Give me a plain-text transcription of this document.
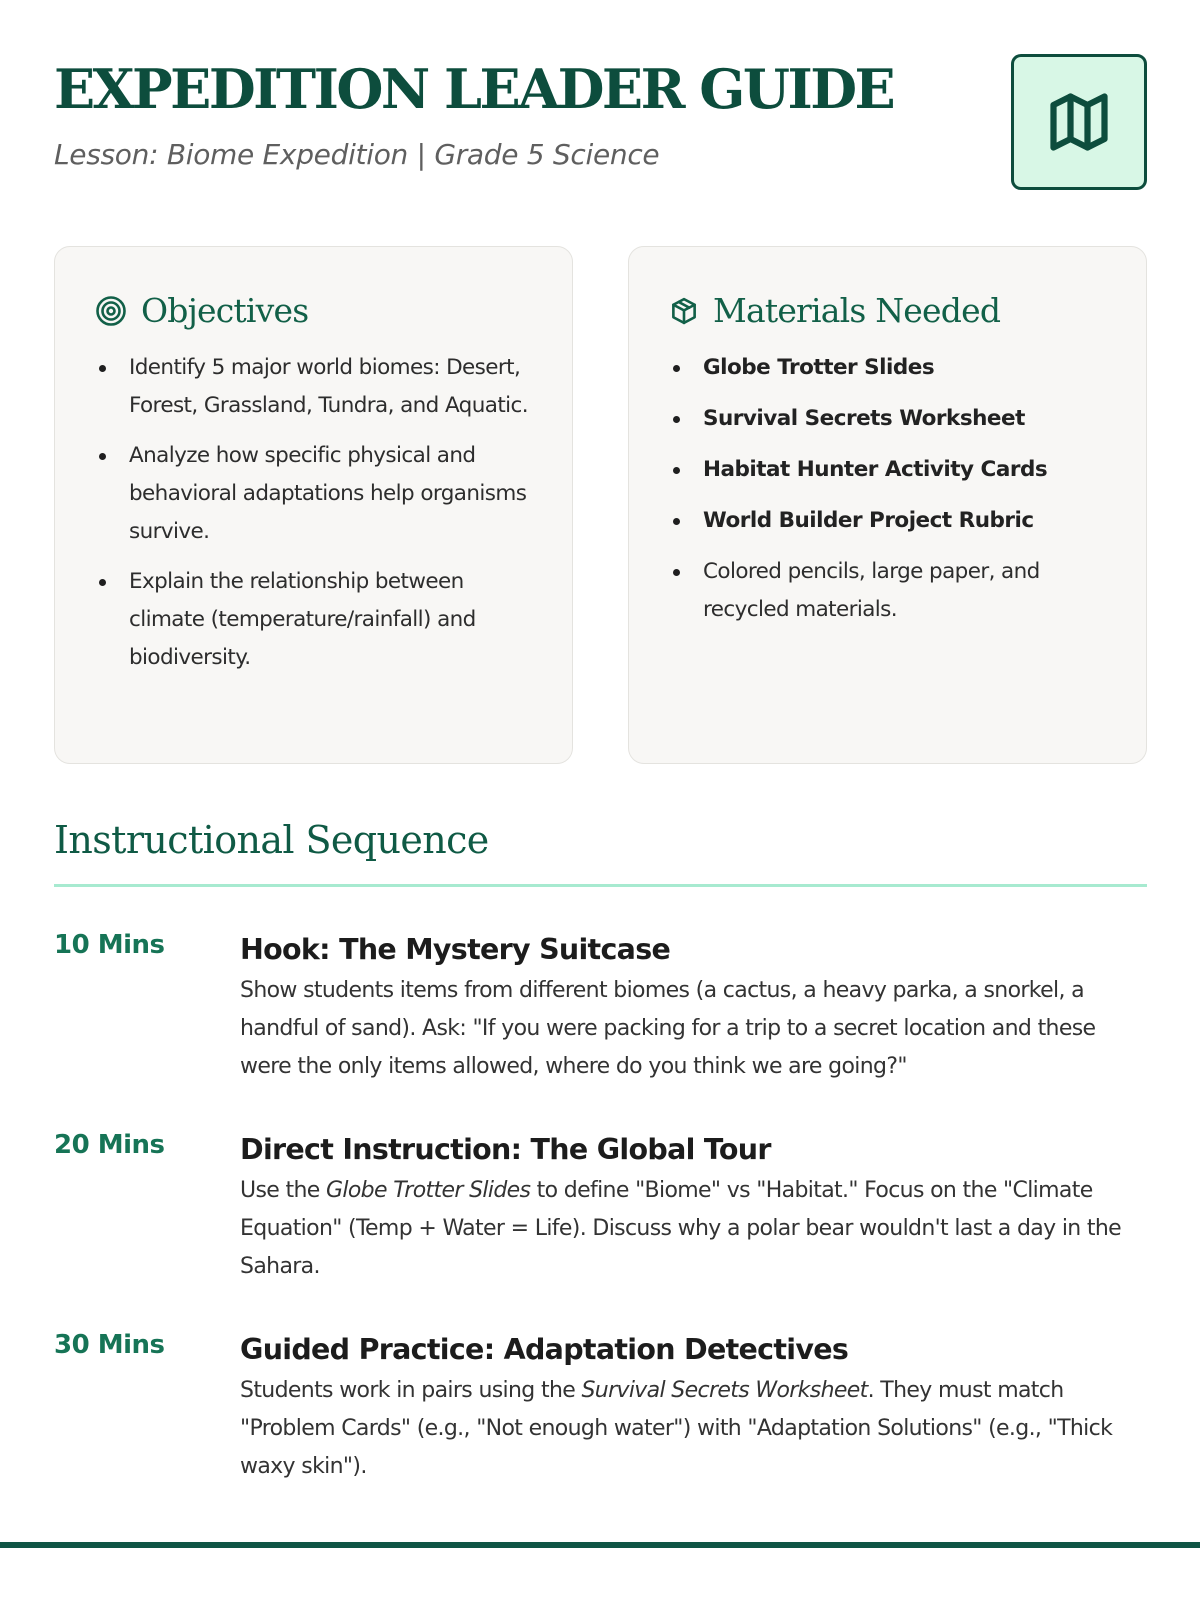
EXPEDITION LEADER GUIDE
Lesson: Biome Expedition | Grade 5 Science
Objectives
Identify 5 major world biomes: Desert, Forest, Grassland, Tundra, and Aquatic.
Analyze how specific physical and behavioral adaptations help organisms survive.
Explain the relationship between climate (temperature/rainfall) and biodiversity.
Materials Needed
Globe Trotter Slides
Survival Secrets Worksheet
Habitat Hunter Activity Cards
World Builder Project Rubric
Colored pencils, large paper, and recycled materials.
Instructional Sequence
10 Mins	Hook: The Mystery Suitcase
Show students items from different biomes (a cactus, a heavy parka, a snorkel, a handful of sand). Ask: "If you were packing for a trip to a secret location and these were the only items allowed, where do you think we are going?"
20 Mins	Direct Instruction: The Global Tour
Use the Globe Trotter Slides to define "Biome" vs "Habitat." Focus on the "Climate Equation" (Temp + Water = Life). Discuss why a polar bear wouldn't last a day in the Sahara.
30 Mins	Guided Practice: Adaptation Detectives
Students work in pairs using the Survival Secrets Worksheet. They must match "Problem Cards" (e.g., "Not enough water") with "Adaptation Solutions" (e.g., "Thick waxy skin").
